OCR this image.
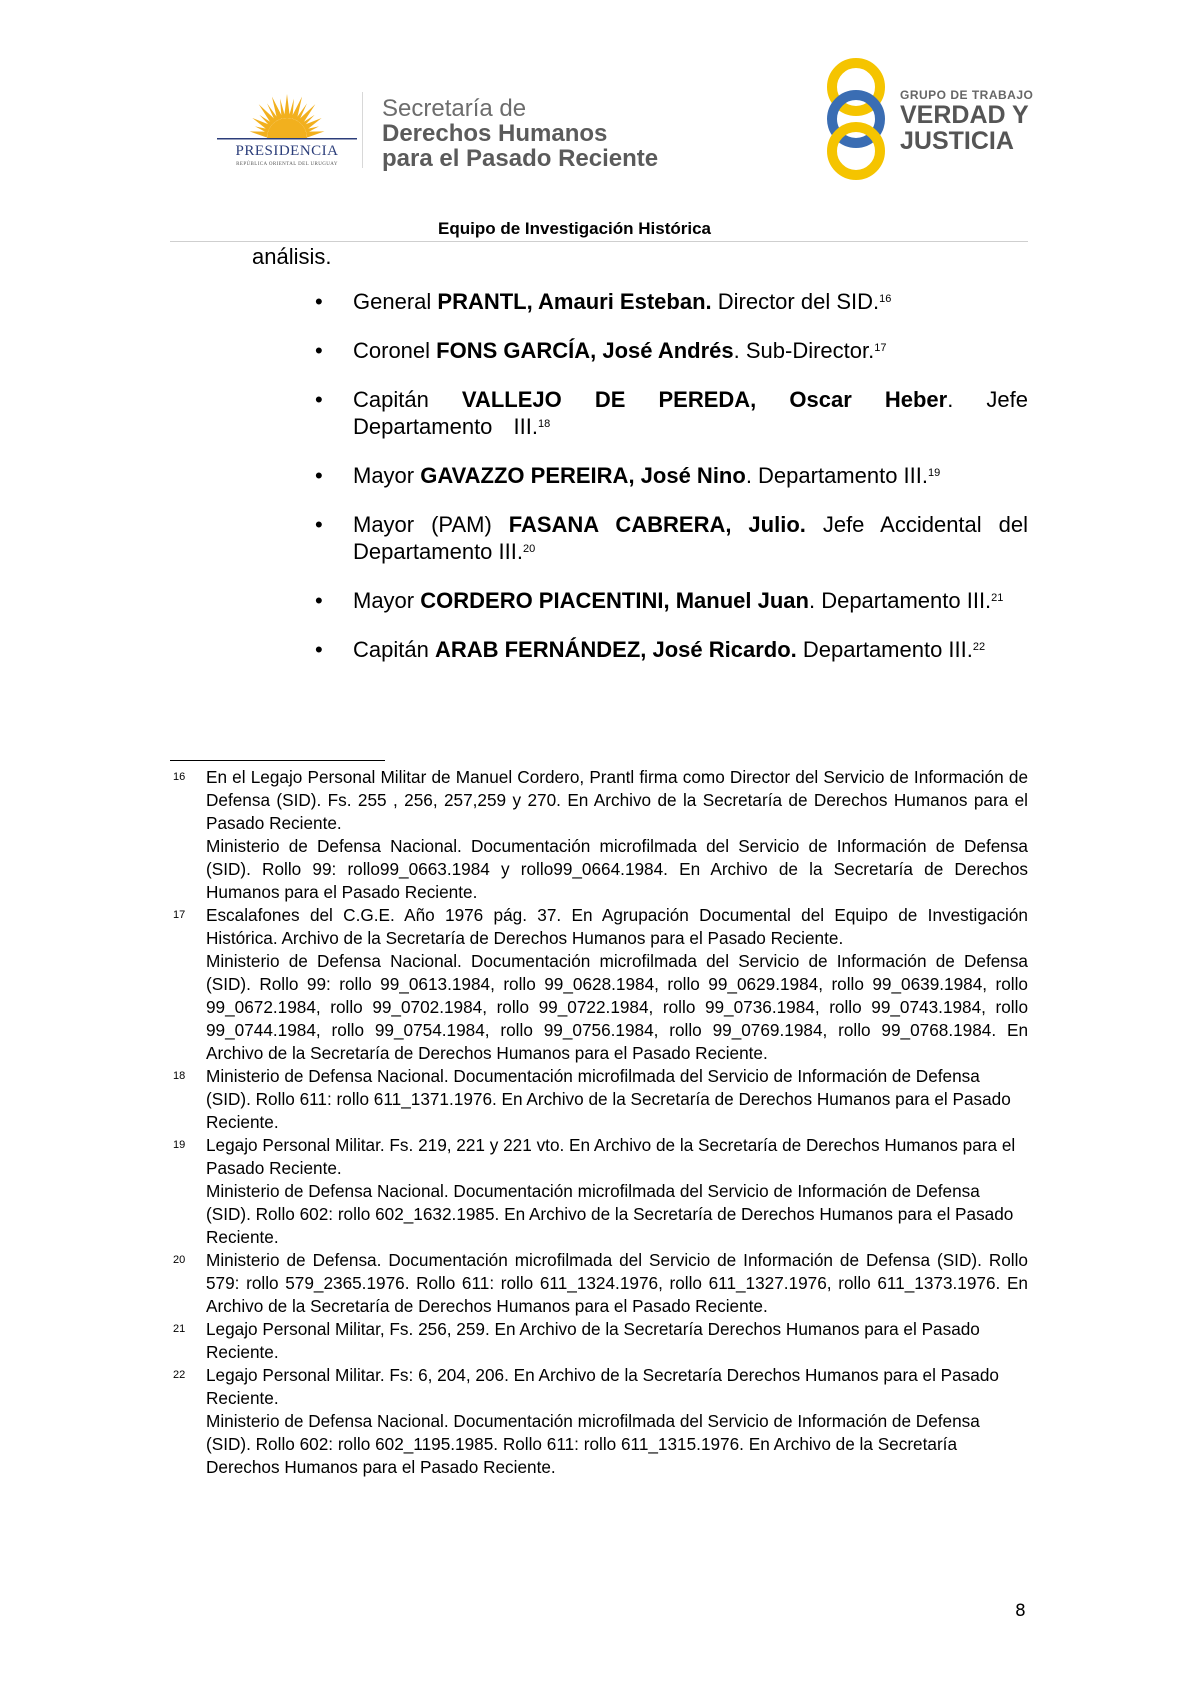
PRESIDENCIA
REPÚBLICA ORIENTAL DEL URUGUAY
Secretaría de
Derechos Humanos
para el Pasado Reciente
GRUPO DE TRABAJO
VERDAD Y
JUSTICIA
Equipo de Investigación Histórica
análisis.
• General PRANTL, Amauri Esteban. Director del SID.$^{16}$
• Coronel FONS GARCÍA, José Andrés. Sub-Director.$^{17}$
• Capitán VALLEJO DE PEREDA, Oscar Heber. Jefe Departamento III.$^{18}$
• Mayor GAVAZZO PEREIRA, José Nino. Departamento III.$^{19}$
• Mayor (PAM) FASANA CABRERA, Julio. Jefe Accidental del Departamento III.$^{20}$
• Mayor CORDERO PIACENTINI, Manuel Juan. Departamento III.$^{21}$
• Capitán ARAB FERNÁNDEZ, José Ricardo. Departamento III.$^{22}$
16 En el Legajo Personal Militar de Manuel Cordero, Prantl firma como Director del Servicio de Información de Defensa (SID). Fs. 255 , 256, 257,259 y 270. En Archivo de la Secretaría de Derechos Humanos para el Pasado Reciente.
Ministerio de Defensa Nacional. Documentación microfilmada del Servicio de Información de Defensa (SID). Rollo 99: rollo99_0663.1984 y rollo99_0664.1984. En Archivo de la Secretaría de Derechos Humanos para el Pasado Reciente.
17 Escalafones del C.G.E. Año 1976 pág. 37. En Agrupación Documental del Equipo de Investigación Histórica. Archivo de la Secretaría de Derechos Humanos para el Pasado Reciente.
Ministerio de Defensa Nacional. Documentación microfilmada del Servicio de Información de Defensa (SID). Rollo 99: rollo 99_0613.1984, rollo 99_0628.1984, rollo 99_0629.1984, rollo 99_0639.1984, rollo 99_0672.1984, rollo 99_0702.1984, rollo 99_0722.1984, rollo 99_0736.1984, rollo 99_0743.1984, rollo 99_0744.1984, rollo 99_0754.1984, rollo 99_0756.1984, rollo 99_0769.1984, rollo 99_0768.1984. En Archivo de la Secretaría de Derechos Humanos para el Pasado Reciente.
18 Ministerio de Defensa Nacional. Documentación microfilmada del Servicio de Información de Defensa (SID). Rollo 611: rollo 611_1371.1976. En Archivo de la Secretaría de Derechos Humanos para el Pasado Reciente.
19 Legajo Personal Militar. Fs. 219, 221 y 221 vto. En Archivo de la Secretaría de Derechos Humanos para el Pasado Reciente.
Ministerio de Defensa Nacional. Documentación microfilmada del Servicio de Información de Defensa (SID). Rollo 602: rollo 602_1632.1985. En Archivo de la Secretaría de Derechos Humanos para el Pasado Reciente.
20 Ministerio de Defensa. Documentación microfilmada del Servicio de Información de Defensa (SID). Rollo 579: rollo 579_2365.1976. Rollo 611: rollo 611_1324.1976, rollo 611_1327.1976, rollo 611_1373.1976. En Archivo de la Secretaría de Derechos Humanos para el Pasado Reciente.
21 Legajo Personal Militar, Fs. 256, 259. En Archivo de la Secretaría Derechos Humanos para el Pasado Reciente.
22 Legajo Personal Militar. Fs: 6, 204, 206. En Archivo de la Secretaría Derechos Humanos para el Pasado Reciente.
Ministerio de Defensa Nacional. Documentación microfilmada del Servicio de Información de Defensa (SID). Rollo 602: rollo 602_1195.1985. Rollo 611: rollo 611_1315.1976. En Archivo de la Secretaría Derechos Humanos para el Pasado Reciente.
8
